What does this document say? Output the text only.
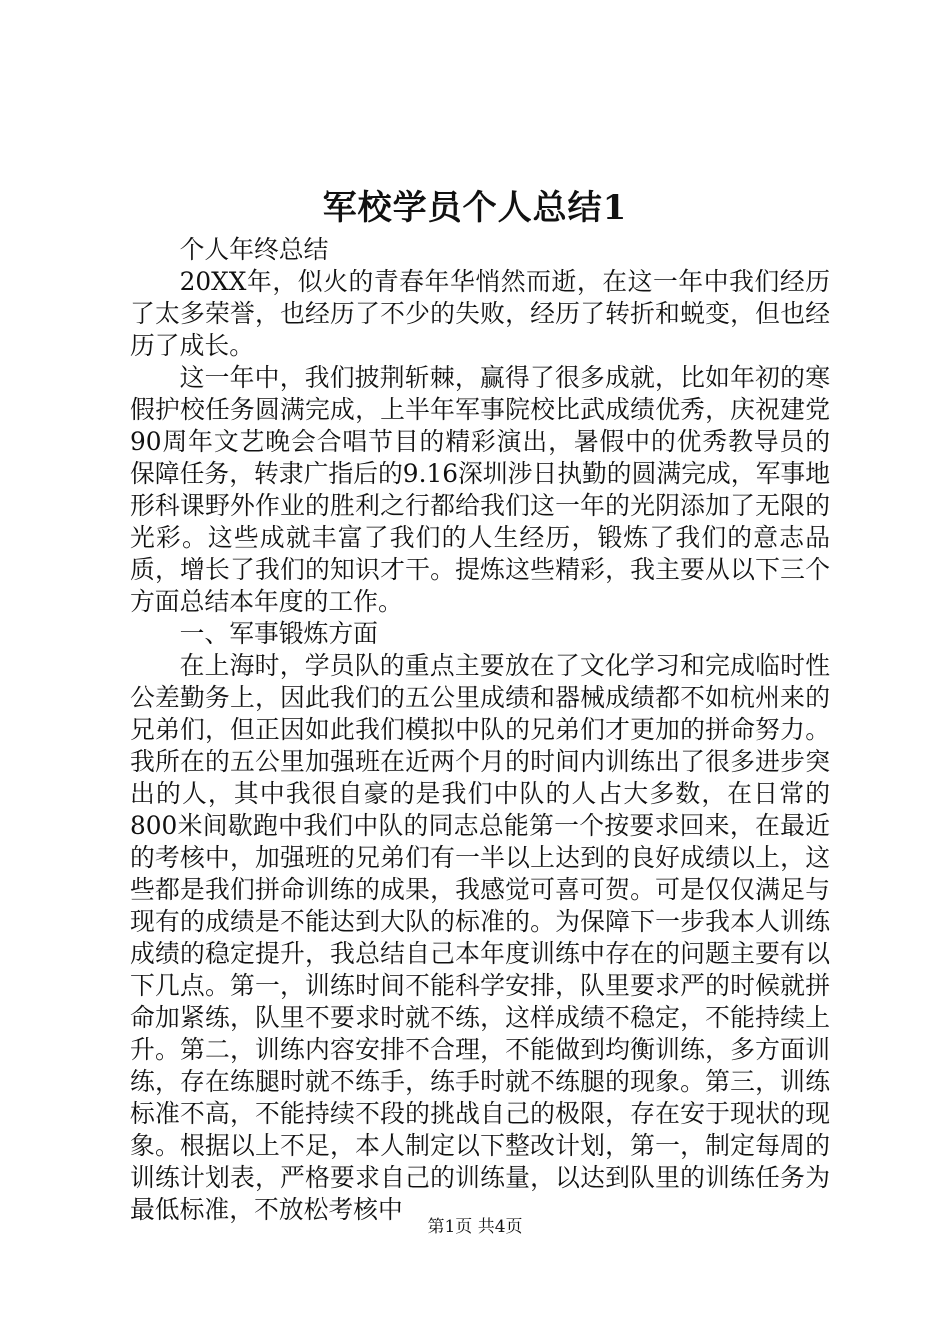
军校学员个人总结1

个人年终总结

20XX年，似火的青春年华悄然而逝，在这一年中我们经历了太多荣誉，也经历了不少的失败，经历了转折和蜕变，但也经历了成长。

这一年中，我们披荆斩棘，赢得了很多成就，比如年初的寒假护校任务圆满完成，上半年军事院校比武成绩优秀，庆祝建党90周年文艺晚会合唱节目的精彩演出，暑假中的优秀教导员的保障任务，转隶广指后的9.16深圳涉日执勤的圆满完成，军事地形科课野外作业的胜利之行都给我们这一年的光阴添加了无限的光彩。这些成就丰富了我们的人生经历，锻炼了我们的意志品质，增长了我们的知识才干。提炼这些精彩，我主要从以下三个方面总结本年度的工作。

一、军事锻炼方面

在上海时，学员队的重点主要放在了文化学习和完成临时性公差勤务上，因此我们的五公里成绩和器械成绩都不如杭州来的兄弟们，但正因如此我们模拟中队的兄弟们才更加的拼命努力。我所在的五公里加强班在近两个月的时间内训练出了很多进步突出的人，其中我很自豪的是我们中队的人占大多数，在日常的800米间歇跑中我们中队的同志总能第一个按要求回来，在最近的考核中，加强班的兄弟们有一半以上达到的良好成绩以上，这些都是我们拼命训练的成果，我感觉可喜可贺。可是仅仅满足与现有的成绩是不能达到大队的标准的。为保障下一步我本人训练成绩的稳定提升，我总结自己本年度训练中存在的问题主要有以下几点。第一，训练时间不能科学安排，队里要求严的时候就拼命加紧练，队里不要求时就不练，这样成绩不稳定，不能持续上升。第二，训练内容安排不合理，不能做到均衡训练，多方面训练，存在练腿时就不练手，练手时就不练腿的现象。第三，训练标准不高，不能持续不段的挑战自己的极限，存在安于现状的现象。根据以上不足，本人制定以下整改计划，第一，制定每周的训练计划表，严格要求自己的训练量，以达到队里的训练任务为最低标准，不放松考核中

第1页 共4页
